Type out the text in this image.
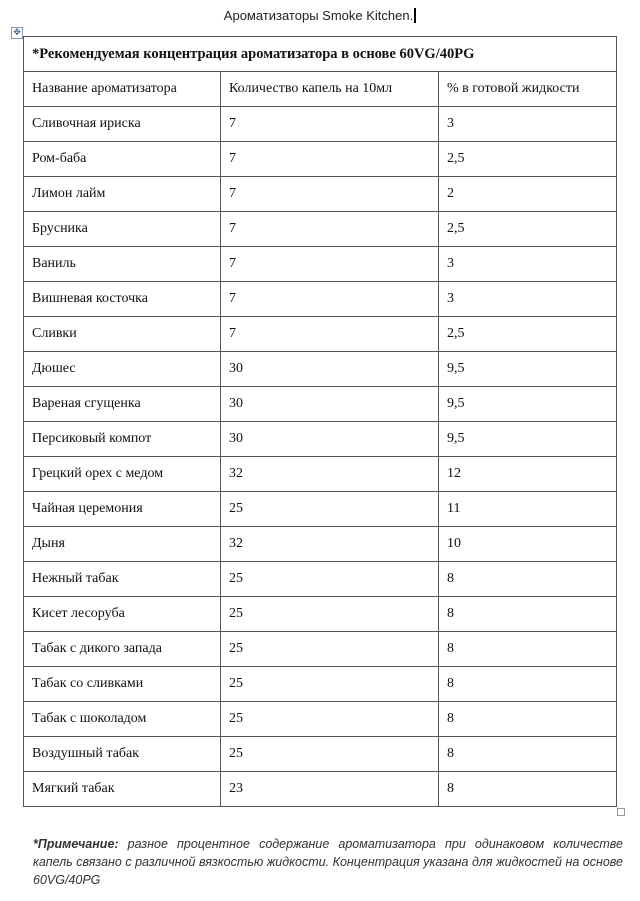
Ароматизаторы Smoke Kitchen.
✥
*Рекомендуемая концентрация ароматизатора в основе 60VG/40PG		
Название ароматизатора	Количество капель на 10мл	% в готовой жидкости
Сливочная ириска	7	3
Ром-баба	7	2,5
Лимон лайм	7	2
Брусника	7	2,5
Ваниль	7	3
Вишневая косточка	7	3
Сливки	7	2,5
Дюшес	30	9,5
Вареная сгущенка	30	9,5
Персиковый компот	30	9,5
Грецкий орех с медом	32	12
Чайная церемония	25	11
Дыня	32	10
Нежный табак	25	8
Кисет лесоруба	25	8
Табак с дикого запада	25	8
Табак со сливками	25	8
Табак с шоколадом	25	8
Воздушный табак	25	8
Мягкий табак	23	8
*Примечание: разное процентное содержание ароматизатора при одинаковом количестве капель связано с различной вязкостью жидкости. Концентрация указана для жидкостей на основе 60VG/40PG
